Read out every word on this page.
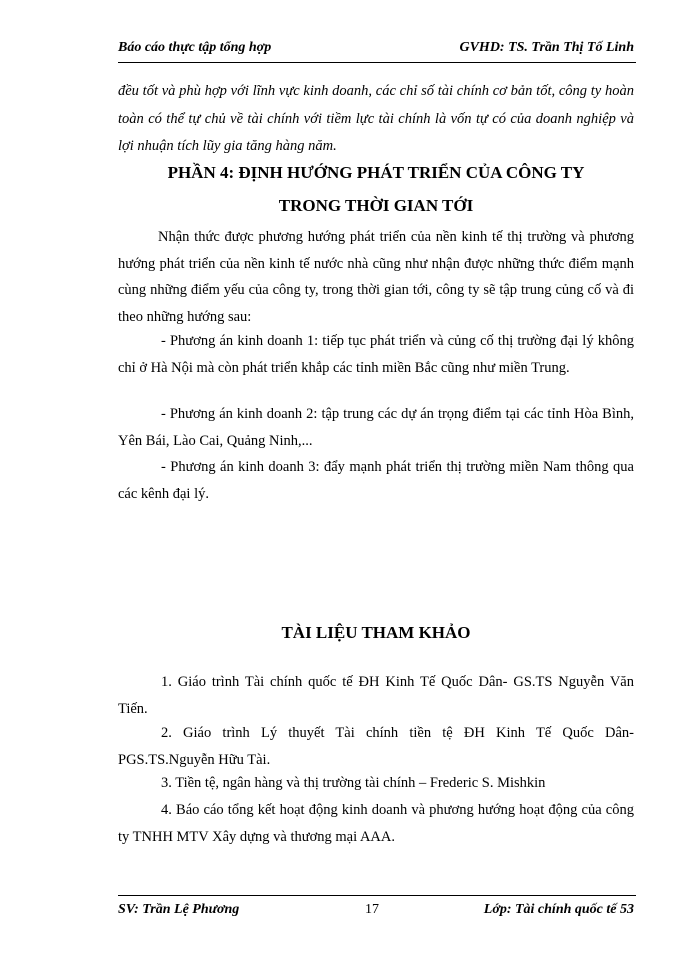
Báo cáo thực tập tổng hợp	GVHD: TS. Trần Thị Tố Linh
đều tốt và phù hợp với lĩnh vực kinh doanh, các chỉ số tài chính cơ bản tốt, công ty hoàn toàn có thể tự chủ về tài chính với tiềm lực tài chính là vốn tự có của doanh nghiệp và lợi nhuận tích lũy gia tăng hàng năm.
PHẦN 4: ĐỊNH HƯỚNG PHÁT TRIỂN CỦA CÔNG TY
TRONG THỜI GIAN TỚI
Nhận thức được phương hướng phát triển của nền kinh tế thị trường và phương hướng phát triển của nền kinh tế nước nhà cũng như nhận được những thức điểm mạnh cùng những điểm yếu của công ty, trong thời gian tới, công ty sẽ tập trung củng cố và đi theo những hướng sau:
- Phương án kinh doanh 1: tiếp tục phát triển và củng cố thị trường đại lý không chỉ ở Hà Nội mà còn phát triển khắp các tỉnh miền Bắc cũng như miền Trung.
- Phương án kinh doanh 2: tập trung các dự án trọng điểm tại các tỉnh Hòa Bình, Yên Bái, Lào Cai, Quảng Ninh,...
- Phương án kinh doanh 3: đẩy mạnh phát triển thị trường miền Nam thông qua các kênh đại lý.
TÀI LIỆU THAM KHẢO
1. Giáo trình Tài chính quốc tế ĐH Kinh Tế Quốc Dân- GS.TS Nguyễn Văn Tiến.
2. Giáo trình Lý thuyết Tài chính tiền tệ ĐH Kinh Tế Quốc Dân- PGS.TS.Nguyễn Hữu Tài.
3. Tiền tệ, ngân hàng và thị trường tài chính – Frederic S. Mishkin
4. Báo cáo tổng kết hoạt động kinh doanh và phương hướng hoạt động của công ty TNHH MTV Xây dựng và thương mại AAA.
SV: Trần Lệ Phương	17	Lớp: Tài chính quốc tế 53
